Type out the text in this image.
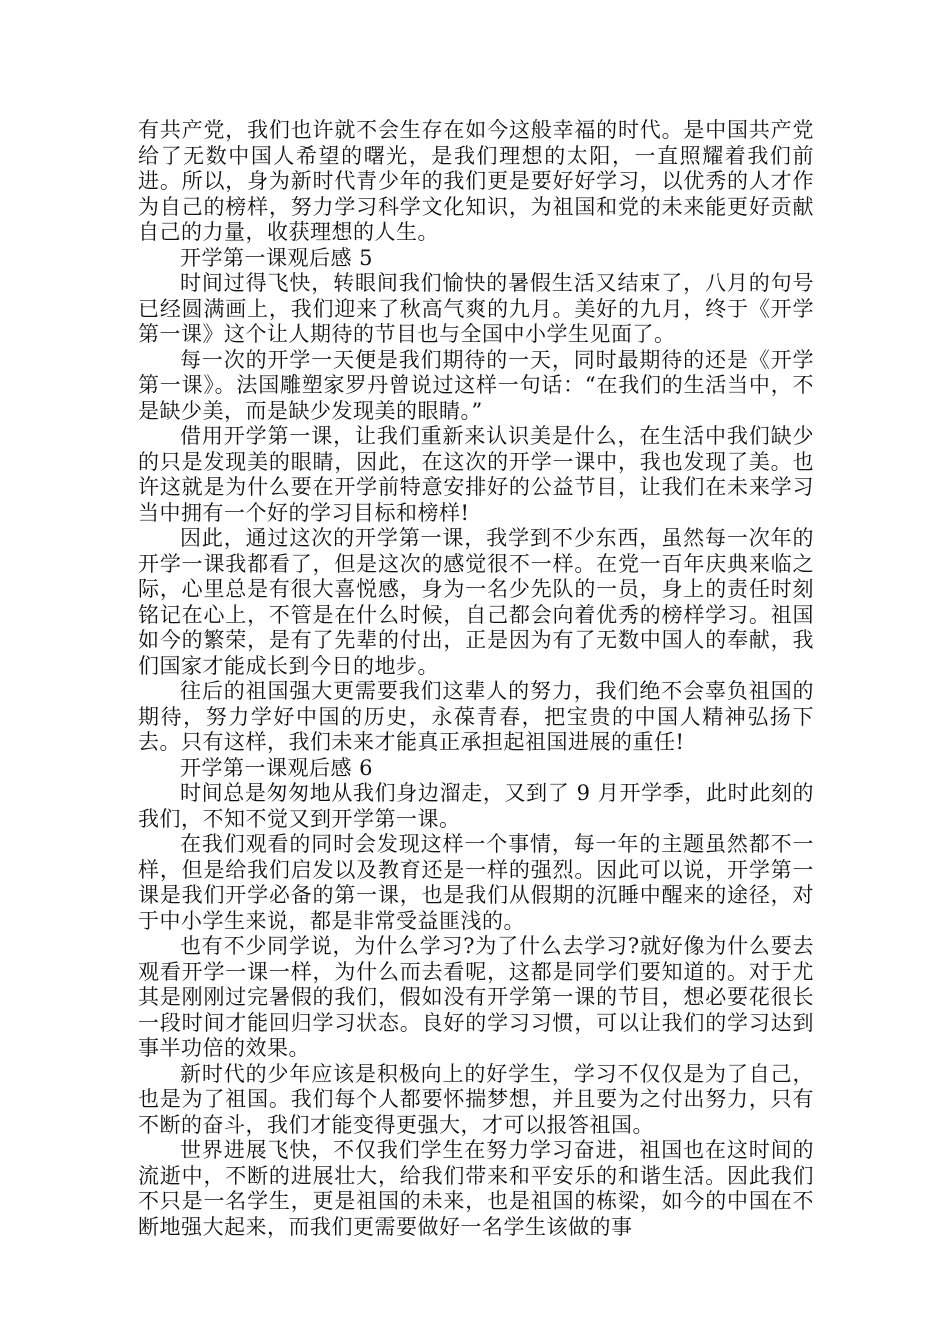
有共产党，我们也许就不会生存在如今这般幸福的时代。是中国共产党给了无数中国人希望的曙光，是我们理想的太阳，一直照耀着我们前进。所以，身为新时代青少年的我们更是要好好学习，以优秀的人才作为自己的榜样，努力学习科学文化知识，为祖国和党的未来能更好贡献自己的力量，收获理想的人生。

开学第一课观后感 5

时间过得飞快，转眼间我们愉快的暑假生活又结束了，八月的句号已经圆满画上，我们迎来了秋高气爽的九月。美好的九月，终于《开学第一课》这个让人期待的节目也与全国中小学生见面了。

每一次的开学一天便是我们期待的一天，同时最期待的还是《开学第一课》。法国雕塑家罗丹曾说过这样一句话：“在我们的生活当中，不是缺少美，而是缺少发现美的眼睛。”

借用开学第一课，让我们重新来认识美是什么，在生活中我们缺少的只是发现美的眼睛，因此，在这次的开学一课中，我也发现了美。也许这就是为什么要在开学前特意安排好的公益节目，让我们在未来学习当中拥有一个好的学习目标和榜样!

因此，通过这次的开学第一课，我学到不少东西，虽然每一次年的开学一课我都看了，但是这次的感觉很不一样。在党一百年庆典来临之际，心里总是有很大喜悦感，身为一名少先队的一员，身上的责任时刻铭记在心上，不管是在什么时候，自己都会向着优秀的榜样学习。祖国如今的繁荣，是有了先辈的付出，正是因为有了无数中国人的奉献，我们国家才能成长到今日的地步。

往后的祖国强大更需要我们这辈人的努力，我们绝不会辜负祖国的期待，努力学好中国的历史，永葆青春，把宝贵的中国人精神弘扬下去。只有这样，我们未来才能真正承担起祖国进展的重任!

开学第一课观后感 6

时间总是匆匆地从我们身边溜走，又到了 9 月开学季，此时此刻的我们，不知不觉又到开学第一课。

在我们观看的同时会发现这样一个事情，每一年的主题虽然都不一样，但是给我们启发以及教育还是一样的强烈。因此可以说，开学第一课是我们开学必备的第一课，也是我们从假期的沉睡中醒来的途径，对于中小学生来说，都是非常受益匪浅的。

也有不少同学说，为什么学习?为了什么去学习?就好像为什么要去观看开学一课一样，为什么而去看呢，这都是同学们要知道的。对于尤其是刚刚过完暑假的我们，假如没有开学第一课的节目，想必要花很长一段时间才能回归学习状态。良好的学习习惯，可以让我们的学习达到事半功倍的效果。

新时代的少年应该是积极向上的好学生，学习不仅仅是为了自己，也是为了祖国。我们每个人都要怀揣梦想，并且要为之付出努力，只有不断的奋斗，我们才能变得更强大，才可以报答祖国。

世界进展飞快，不仅我们学生在努力学习奋进，祖国也在这时间的流逝中，不断的进展壮大，给我们带来和平安乐的和谐生活。因此我们不只是一名学生，更是祖国的未来，也是祖国的栋梁，如今的中国在不断地强大起来，而我们更需要做好一名学生该做的事
